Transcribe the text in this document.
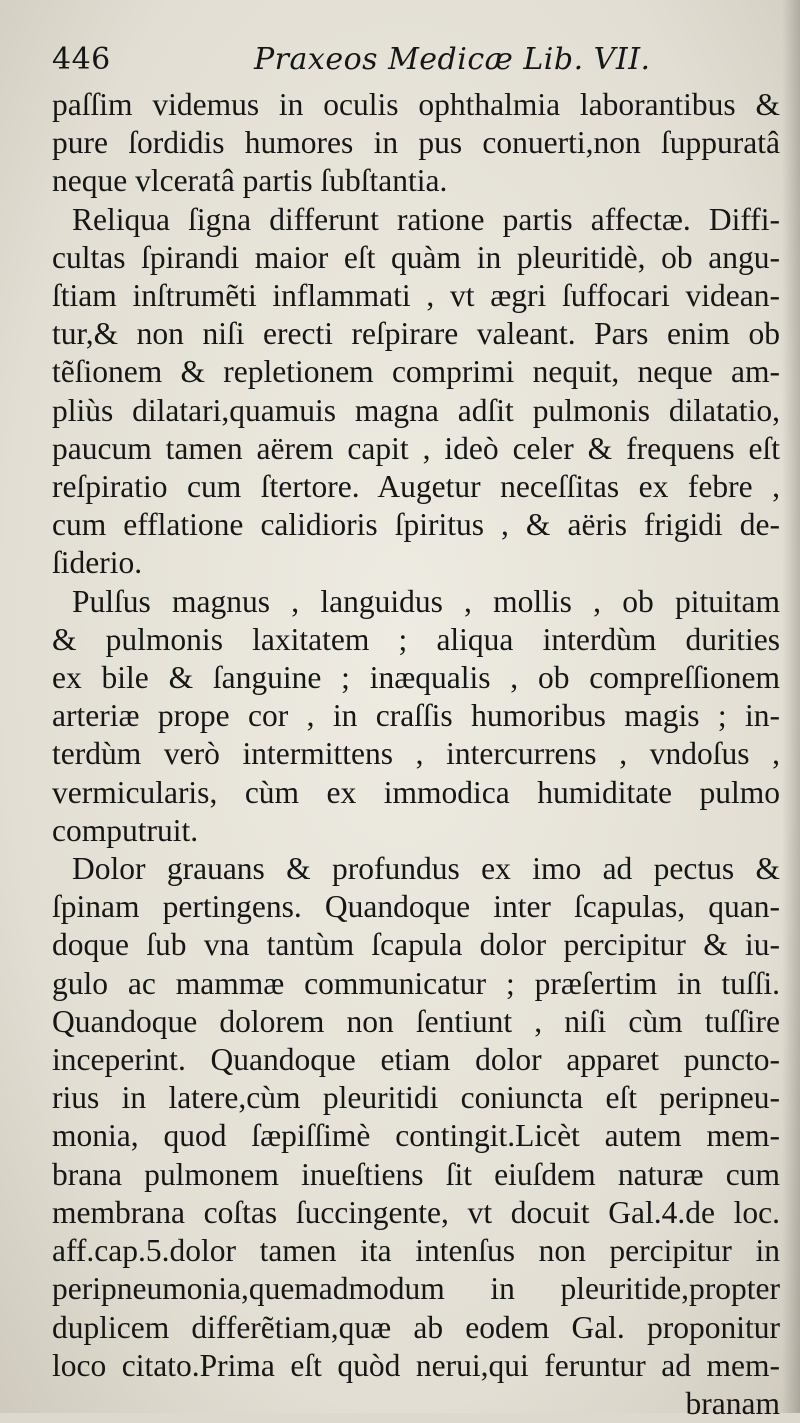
446	Praxeos Medicæ Lib. VII.

paſſim videmus in oculis ophthalmia laborantibus &
pure ſordidis humores in pus conuerti,non ſuppuratâ
neque vlceratâ partis ſubſtantia.

Reliqua ſigna differunt ratione partis affectæ. Diffi-
cultas ſpirandi maior eſt quàm in pleuritidè, ob angu-
ſtiam inſtrumẽti inflammati , vt ægri ſuffocari videan-
tur,& non niſi erecti reſpirare valeant. Pars enim ob
tẽſionem & repletionem comprimi nequit, neque am-
pliùs dilatari,quamuis magna adſit pulmonis dilatatio,
paucum tamen aërem capit , ideò celer & frequens eſt
reſpiratio cum ſtertore. Augetur neceſſitas ex febre ,
cum efflatione calidioris ſpiritus , & aëris frigidi de-
ſiderio.

Pulſus magnus , languidus , mollis , ob pituitam
& pulmonis laxitatem ; aliqua interdùm durities
ex bile & ſanguine ; inæqualis , ob compreſſionem
arteriæ prope cor , in craſſis humoribus magis ; in-
terdùm verò intermittens , intercurrens , vndoſus ,
vermicularis, cùm ex immodica humiditate pulmo
computruit.

Dolor grauans & profundus ex imo ad pectus &
ſpinam pertingens. Quandoque inter ſcapulas, quan-
doque ſub vna tantùm ſcapula dolor percipitur & iu-
gulo ac mammæ communicatur ; præſertim in tuſſi.
Quandoque dolorem non ſentiunt , niſi cùm tuſſire
inceperint. Quandoque etiam dolor apparet puncto-
rius in latere,cùm pleuritidi coniuncta eſt peripneu-
monia, quod ſæpiſſimè contingit.Licèt autem mem-
brana pulmonem inueſtiens ſit eiuſdem naturæ cum
membrana coſtas ſuccingente, vt docuit Gal.4.de loc.
aff.cap.5.dolor tamen ita intenſus non percipitur in
peripneumonia,quemadmodum in pleuritide,propter
duplicem differẽtiam,quæ ab eodem Gal. proponitur
loco citato.Prima eſt quòd nerui,qui feruntur ad mem-

branam
